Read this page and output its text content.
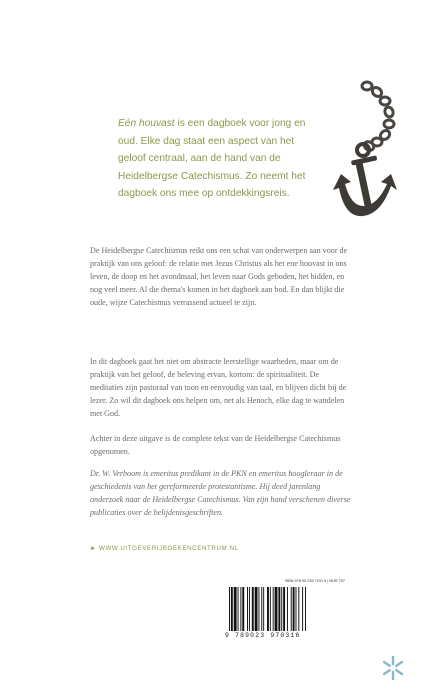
Eén houvast is een dagboek voor jong en oud. Elke dag staat een aspect van het geloof centraal, aan de hand van de Heidelbergse Catechismus. Zo neemt het dagboek ons mee op ontdekkingsreis.

De Heidelbergse Catechismus reikt ons een schat van onderwerpen aan voor de praktijk van ons geloof: de relatie met Jezus Christus als het ene houvast in ons leven, de doop en het avondmaal, het leven naar Gods geboden, het bidden, en nog veel meer. Al die thema's komen in het dagboek aan bod. En dan blijkt die oude, wijze Catechismus verrassend actueel te zijn.

In dit dagboek gaat het niet om abstracte leerstellige waarheden, maar om de praktijk van het geloof, de beleving ervan, kortom: de spiritualiteit. De meditaties zijn pastoraal van toon en eenvoudig van taal, en blijven dicht bij de lezer. Zo wil dit dagboek ons helpen om, net als Henoch, elke dag te wandelen met God.

Achter in deze uitgave is de complete tekst van de Heidelbergse Catechismus opgenomen.

Dr. W. Verboom is emeritus predikant in de PKN en emeritus hoogleraar in de geschiedenis van het gereformeerde protestantisme. Hij deed jarenlang onderzoek naar de Heidelbergse Catechismus. Van zijn hand verschenen diverse publicaties over de belijdenisgeschriften.

► WWW.UITGEVERIJBOEKENCENTRUM.NL
ISBN 978 90 239 7031 6 | NUR 707
9 789023 970316
